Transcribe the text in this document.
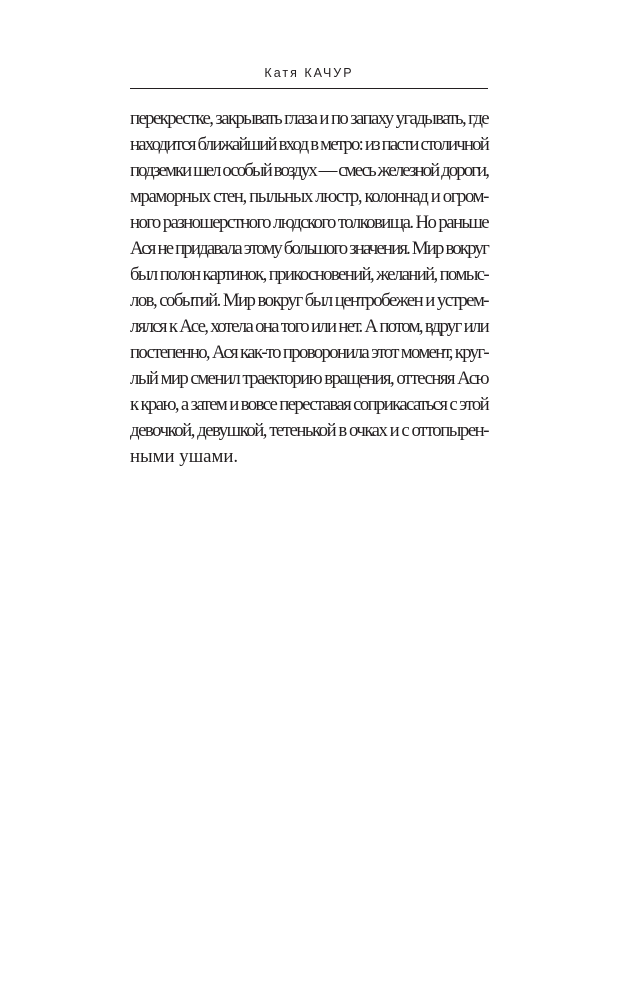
Катя КАЧУР
перекрестке, закрывать глаза и по запаху угадывать, где
находится ближайший вход в метро: из пасти столичной
подземки шел особый воздух — смесь железной дороги,
мраморных стен, пыльных люстр, колоннад и огром-
ного разношерстного людского толковища. Но раньше
Ася не придавала этому большого значения. Мир вокруг
был полон картинок, прикосновений, желаний, помыс-
лов, событий. Мир вокруг был центробежен и устрем-
лялся к Асе, хотела она того или нет. А потом, вдруг или
постепенно, Ася как-то проворонила этот момент, круг-
лый мир сменил траекторию вращения, оттесняя Асю
к краю, а затем и вовсе переставая соприкасаться с этой
девочкой, девушкой, тетенькой в очках и с оттопырен-
ными ушами.
